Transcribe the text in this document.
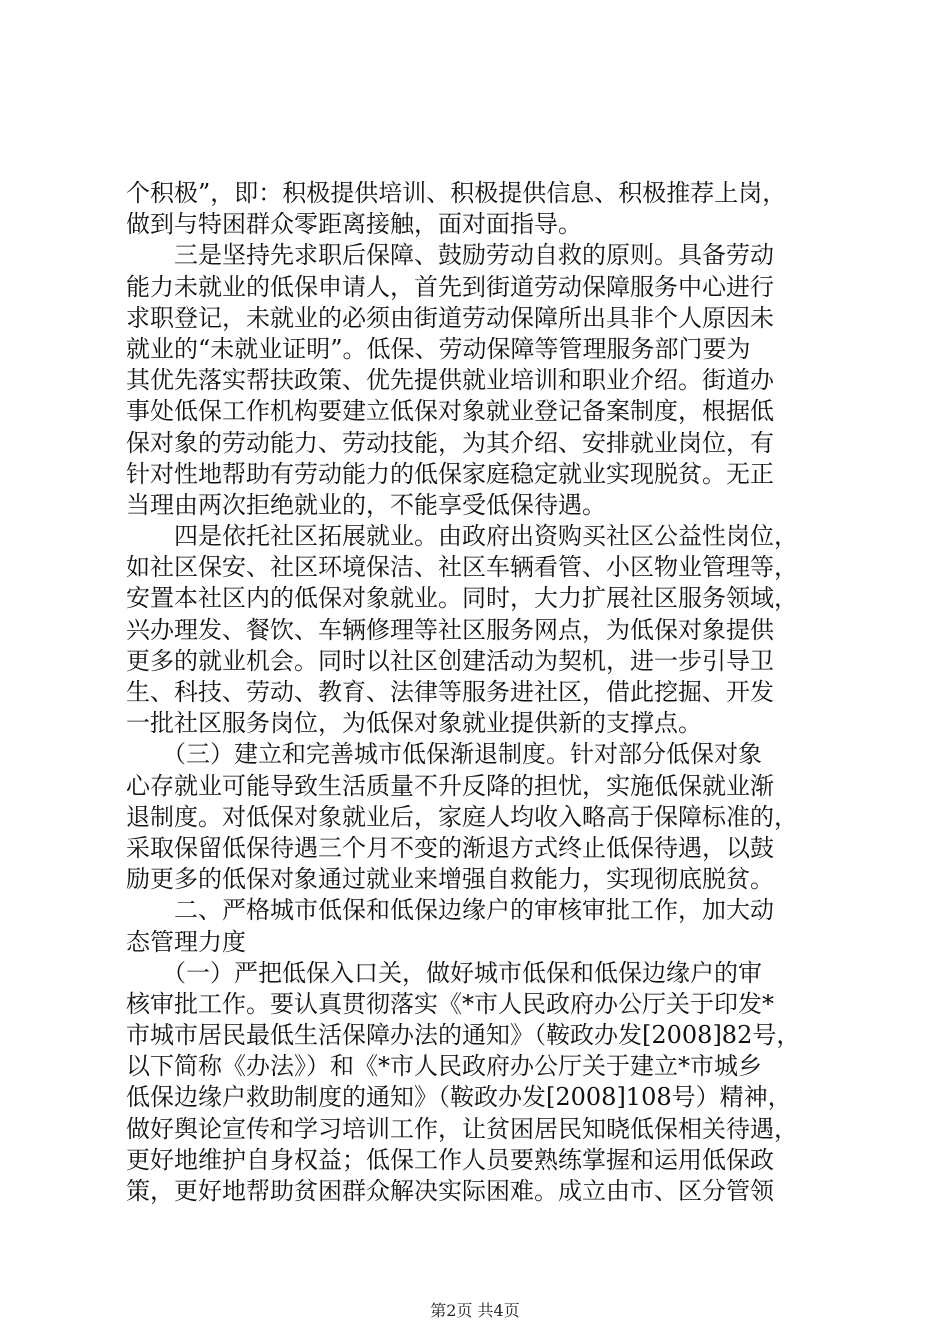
个积极”，即：积极提供培训、积极提供信息、积极推荐上岗，
做到与特困群众零距离接触，面对面指导。
　　三是坚持先求职后保障、鼓励劳动自救的原则。具备劳动
能力未就业的低保申请人，首先到街道劳动保障服务中心进行
求职登记，未就业的必须由街道劳动保障所出具非个人原因未
就业的“未就业证明”。低保、劳动保障等管理服务部门要为
其优先落实帮扶政策、优先提供就业培训和职业介绍。街道办
事处低保工作机构要建立低保对象就业登记备案制度，根据低
保对象的劳动能力、劳动技能，为其介绍、安排就业岗位，有
针对性地帮助有劳动能力的低保家庭稳定就业实现脱贫。无正
当理由两次拒绝就业的，不能享受低保待遇。
　　四是依托社区拓展就业。由政府出资购买社区公益性岗位，
如社区保安、社区环境保洁、社区车辆看管、小区物业管理等，
安置本社区内的低保对象就业。同时，大力扩展社区服务领域，
兴办理发、餐饮、车辆修理等社区服务网点，为低保对象提供
更多的就业机会。同时以社区创建活动为契机，进一步引导卫
生、科技、劳动、教育、法律等服务进社区，借此挖掘、开发
一批社区服务岗位，为低保对象就业提供新的支撑点。
　　（三）建立和完善城市低保渐退制度。针对部分低保对象
心存就业可能导致生活质量不升反降的担忧，实施低保就业渐
退制度。对低保对象就业后，家庭人均收入略高于保障标准的，
采取保留低保待遇三个月不变的渐退方式终止低保待遇，以鼓
励更多的低保对象通过就业来增强自救能力，实现彻底脱贫。
　　二、严格城市低保和低保边缘户的审核审批工作，加大动
态管理力度
　　（一）严把低保入口关，做好城市低保和低保边缘户的审
核审批工作。要认真贯彻落实《*市人民政府办公厅关于印发*
市城市居民最低生活保障办法的通知》（鞍政办发[2008]82号，
以下简称《办法》）和《*市人民政府办公厅关于建立*市城乡
低保边缘户救助制度的通知》（鞍政办发[2008]108号）精神，
做好舆论宣传和学习培训工作，让贫困居民知晓低保相关待遇，
更好地维护自身权益；低保工作人员要熟练掌握和运用低保政
策，更好地帮助贫困群众解决实际困难。成立由市、区分管领
第2页 共4页
